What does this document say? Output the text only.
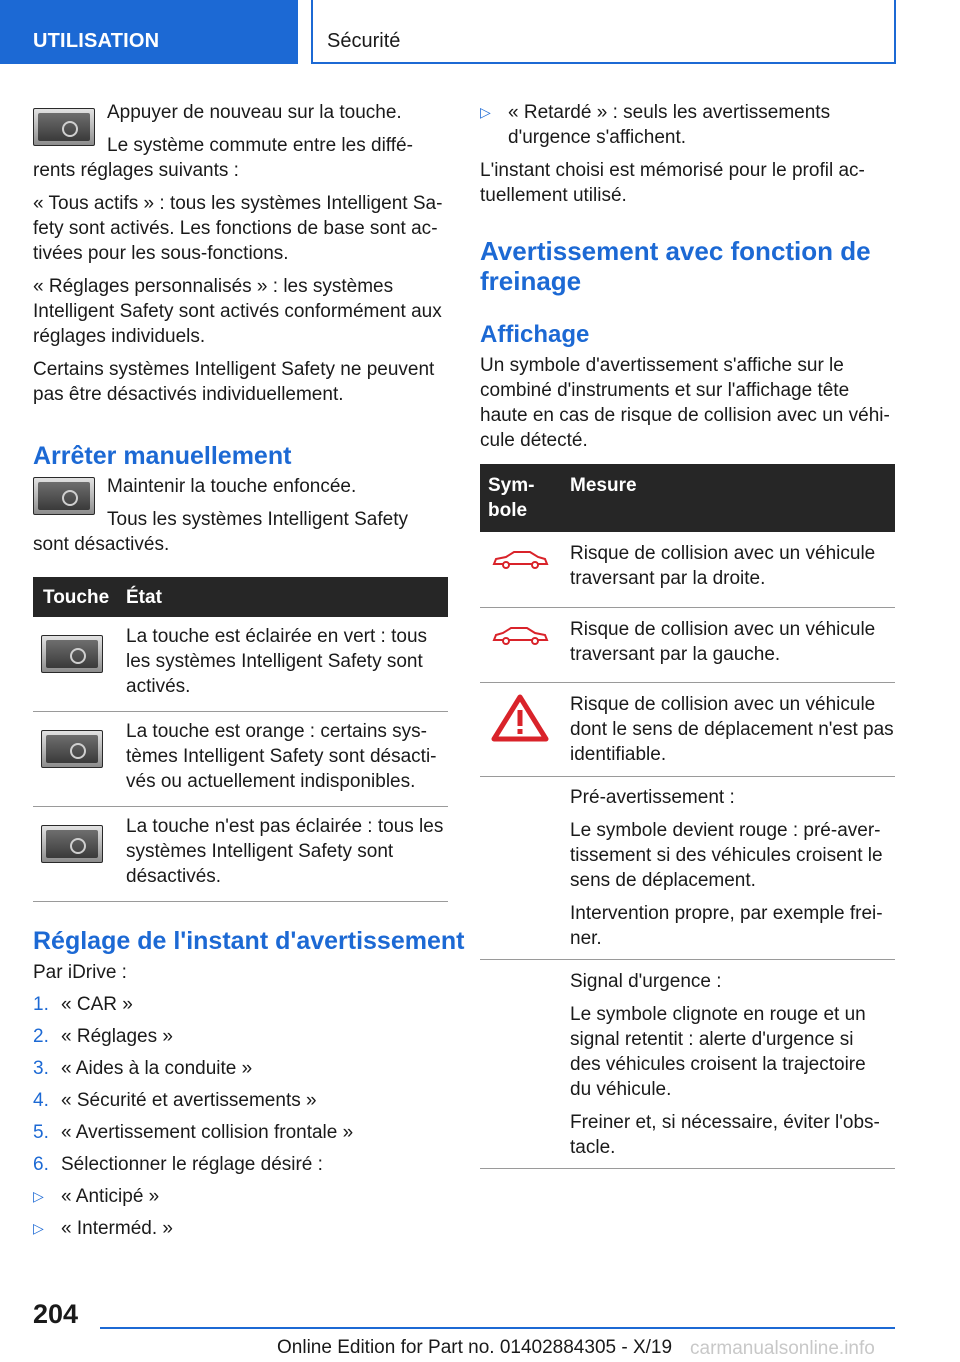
UTILISATION	Sécurité

Appuyer de nouveau sur la touche.

Le système commute entre les différents réglages suivants :

« Tous actifs » : tous les systèmes Intelligent Safety sont activés. Les fonctions de base sont activées pour les sous-fonctions.

« Réglages personnalisés » : les systèmes Intelligent Safety sont activés conformément aux réglages individuels.

Certains systèmes Intelligent Safety ne peuvent pas être désactivés individuellement.

Arrêter manuellement

Maintenir la touche enfoncée.

Tous les systèmes Intelligent Safety sont désactivés.

Touche	État

	La touche est éclairée en vert : tous les systèmes Intelligent Safety sont activés.

	La touche est orange : certains systèmes Intelligent Safety sont désactivés ou actuellement indisponibles.

	La touche n'est pas éclairée : tous les systèmes Intelligent Safety sont désactivés.
Réglage de l'instant d'avertissement

Par iDrive :

1. « CAR »
2. « Réglages »
3. « Aides à la conduite »
4. « Sécurité et avertissements »
5. « Avertissement collision frontale »
6. Sélectionner le réglage désiré :
▷ « Anticipé »
▷ « Interméd. »
▷ « Retardé » : seuls les avertissements d'urgence s'affichent.

L'instant choisi est mémorisé pour le profil actuellement utilisé.

Avertissement avec fonction de freinage
Affichage

Un symbole d'avertissement s'affiche sur le combiné d'instruments et sur l'affichage tête haute en cas de risque de collision avec un véhicule détecté.

Symbole	Mesure
	Risque de collision avec un véhicule traversant par la droite.
	Risque de collision avec un véhicule traversant par la gauche.
	Risque de collision avec un véhicule dont le sens de déplacement n'est pas identifiable.

	Pré-avertissement :

Le symbole devient rouge : pré-avertissement si des véhicules croisent le sens de déplacement.

Intervention propre, par exemple freiner.

	Signal d'urgence :

Le symbole clignote en rouge et un signal retentit : alerte d'urgence si des véhicules croisent la trajectoire du véhicule.

Freiner et, si nécessaire, éviter l'obstacle.

204
Online Edition for Part no. 01402884305 - X/19 carmanualsonline.info
